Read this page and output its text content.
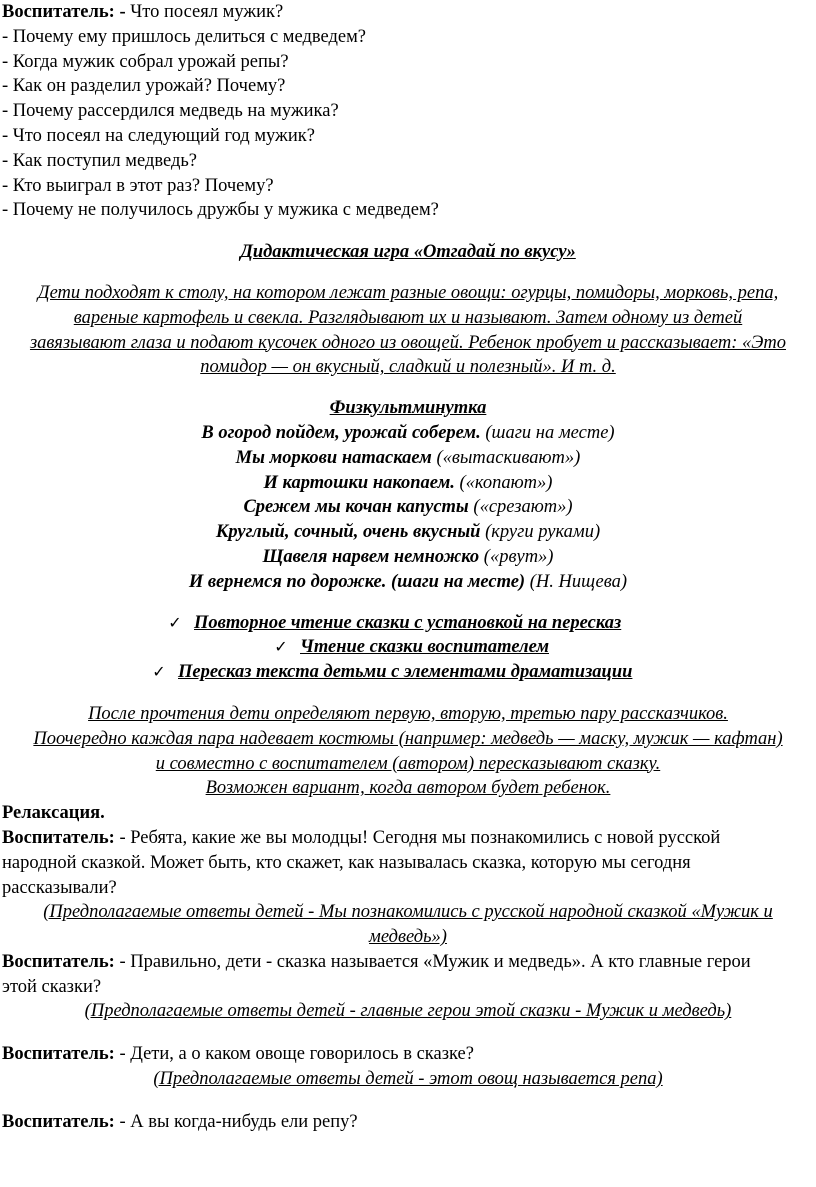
Воспитатель: - Что посеял мужик?
- Почему ему пришлось делиться с медведем?
- Когда мужик собрал урожай репы?
- Как он разделил урожай? Почему?
- Почему рассердился медведь на мужика?
- Что посеял на следующий год мужик?
- Как поступил медведь?
- Кто выиграл в этот раз? Почему?
- Почему не получилось дружбы у мужика с медведем?
Дидактическая игра «Отгадай по вкусу»
Дети подходят к столу, на котором лежат разные овощи: огурцы, помидоры, морковь, репа,
вареные картофель и свекла. Разглядывают их и называют. Затем одному из детей
завязывают глаза и подают кусочек одного из овощей. Ребенок пробует и рассказывает: «Это
помидор — он вкусный, сладкий и полезный». И т. д.
Физкультминутка
В огород пойдем, урожай соберем. (шаги на месте)
Мы моркови натаскаем («вытаскивают»)
И картошки накопаем. («копают»)
Срежем мы кочан капусты («срезают»)
Круглый, сочный, очень вкусный (круги руками)
Щавеля нарвем немножко («рвут»)
И вернемся по дорожке. (шаги на месте) (Н. Нищева)
✓ Повторное чтение сказки с установкой на пересказ
✓ Чтение сказки воспитателем
✓ Пересказ текста детьми с элементами драматизации
После прочтения дети определяют первую, вторую, третью пару рассказчиков.
Поочередно каждая пара надевает костюмы (например: медведь — маску, мужик — кафтан)
и совместно с воспитателем (автором) пересказывают сказку.
Возможен вариант, когда автором будет ребенок.
Релаксация.
Воспитатель: - Ребята, какие же вы молодцы! Сегодня мы познакомились с новой русской
народной сказкой. Может быть, кто скажет, как называлась сказка, которую мы сегодня
рассказывали?
(Предполагаемые ответы детей - Мы познакомились с русской народной сказкой «Мужик и
медведь»)
Воспитатель: - Правильно, дети - сказка называется «Мужик и медведь». А кто главные герои
этой сказки?
(Предполагаемые ответы детей - главные герои этой сказки - Мужик и медведь)
Воспитатель: - Дети, а о каком овоще говорилось в сказке?
(Предполагаемые ответы детей - этот овощ называется репа)
Воспитатель: - А вы когда-нибудь ели репу?
